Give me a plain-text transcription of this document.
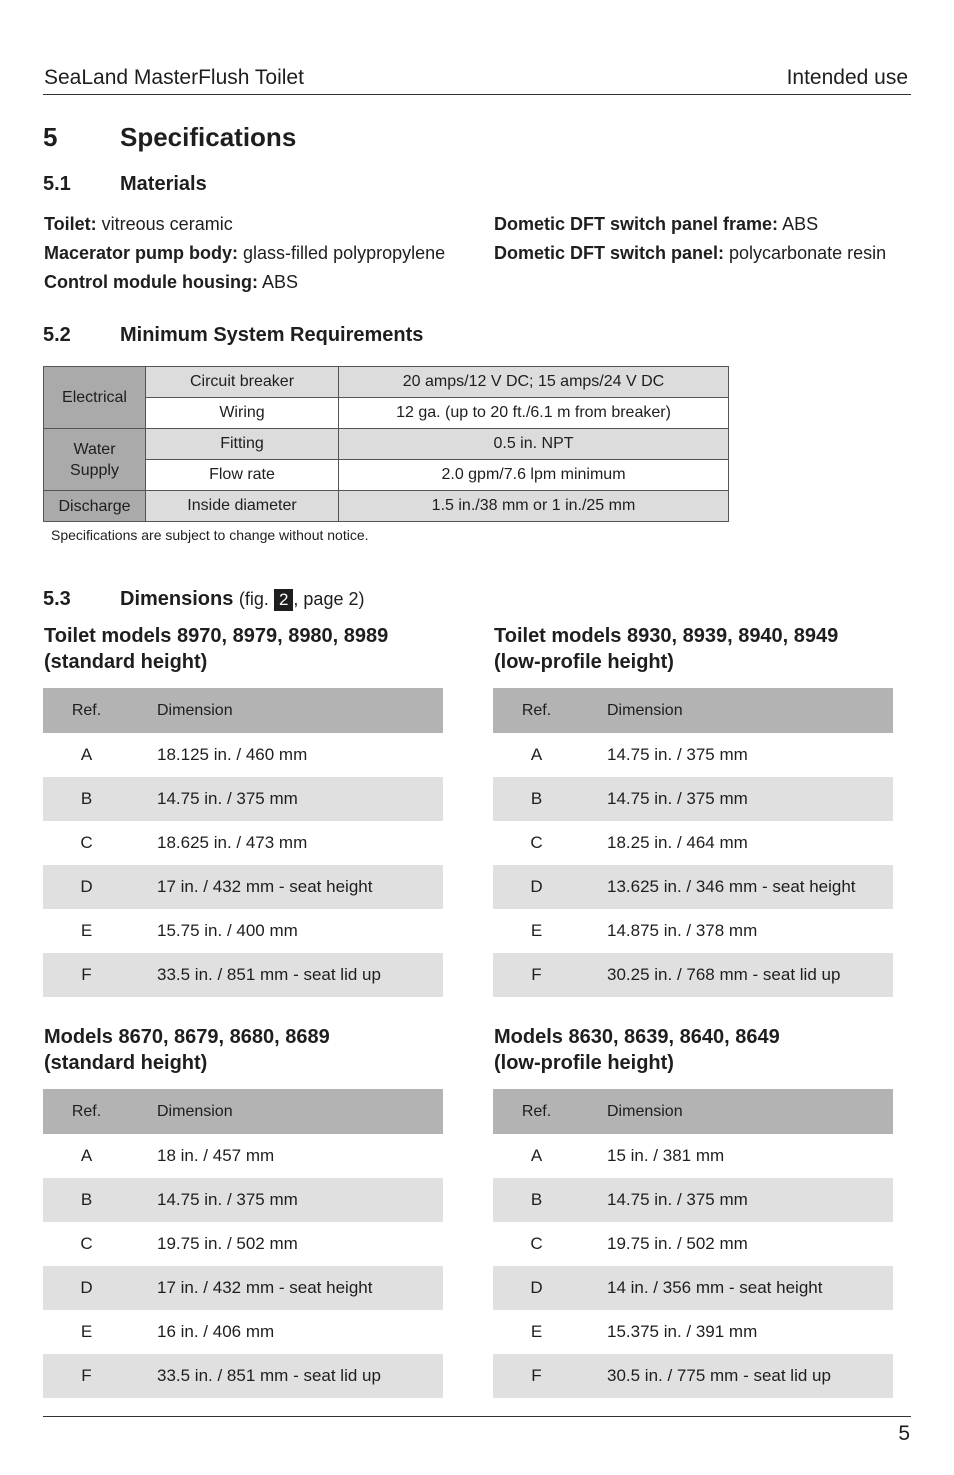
SeaLand MasterFlush Toilet	Intended use
5 Specifications
5.1 Materials
Toilet: vitreous ceramic
Macerator pump body: glass-filled polypropylene
Control module housing: ABS
Dometic DFT switch panel frame: ABS
Dometic DFT switch panel: polycarbonate resin
5.2 Minimum System Requirements
Electrical	Circuit breaker	20 amps/12 V DC; 15 amps/24 V DC
	Wiring	12 ga. (up to 20 ft./6.1 m from breaker)
Water
Supply	Fitting	0.5 in. NPT
	Flow rate	2.0 gpm/7.6 lpm minimum
Discharge	Inside diameter	1.5 in./38 mm or 1 in./25 mm
Specifications are subject to change without notice.
5.3 Dimensions (fig. 2 , page 2)
Toilet models 8970, 8979, 8980, 8989
(standard height)
Ref.	Dimension
A	18.125 in. / 460 mm
B	14.75 in. / 375 mm
C	18.625 in. / 473 mm
D	17 in. / 432 mm - seat height
E	15.75 in. / 400 mm
F	33.5 in. / 851 mm - seat lid up
Toilet models 8930, 8939, 8940, 8949
(low-profile height)
Ref.	Dimension
A	14.75 in. / 375 mm
B	14.75 in. / 375 mm
C	18.25 in. / 464 mm
D	13.625 in. / 346 mm - seat height
E	14.875 in. / 378 mm
F	30.25 in. / 768 mm - seat lid up
Models 8670, 8679, 8680, 8689
(standard height)
Ref.	Dimension
A	18 in. / 457 mm
B	14.75 in. / 375 mm
C	19.75 in. / 502 mm
D	17 in. / 432 mm - seat height
E	16 in. / 406 mm
F	33.5 in. / 851 mm - seat lid up
Models 8630, 8639, 8640, 8649
(low-profile height)
Ref.	Dimension
A	15 in. / 381 mm
B	14.75 in. / 375 mm
C	19.75 in. / 502 mm
D	14 in. / 356 mm - seat height
E	15.375 in. / 391 mm
F	30.5 in. / 775 mm - seat lid up
5
